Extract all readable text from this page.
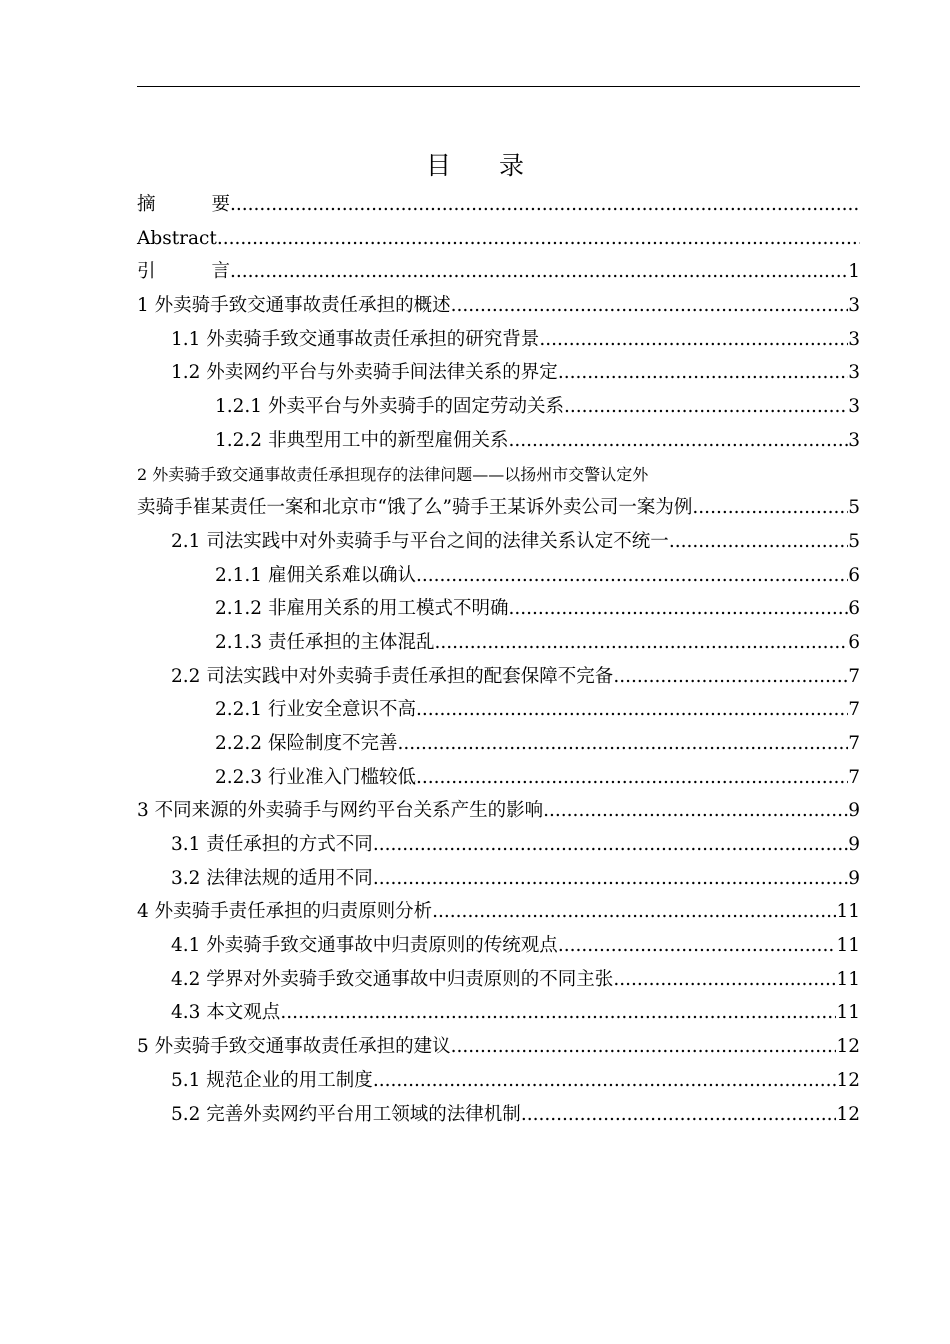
目 录
摘	要
.....
Abstract
.....
引	言 .....	1
1 外卖骑手致交通事故责任承担的概述 .....	3
1.1 外卖骑手致交通事故责任承担的研究背景 .....	3
1.2 外卖网约平台与外卖骑手间法律关系的界定 .....	3
1.2.1 外卖平台与外卖骑手的固定劳动关系 .....	3
1.2.2 非典型用工中的新型雇佣关系 .....	3
2 外卖骑手致交通事故责任承担现存的法律问题——以扬州市交警认定外
卖骑手崔某责任一案和北京市“饿了么”骑手王某诉外卖公司一案为例 .....	5
2.1 司法实践中对外卖骑手与平台之间的法律关系认定不统一 .....	5
2.1.1 雇佣关系难以确认 .....	6
2.1.2 非雇用关系的用工模式不明确 .....	6
2.1.3 责任承担的主体混乱 .....	6
2.2 司法实践中对外卖骑手责任承担的配套保障不完备 .....	7
2.2.1 行业安全意识不高 .....	7
2.2.2 保险制度不完善 .....	7
2.2.3 行业准入门槛较低 .....	7
3 不同来源的外卖骑手与网约平台关系产生的影响 .....	9
3.1 责任承担的方式不同 .....	9
3.2 法律法规的适用不同 .....	9
4 外卖骑手责任承担的归责原则分析 .....	11
4.1 外卖骑手致交通事故中归责原则的传统观点 .....	11
4.2 学界对外卖骑手致交通事故中归责原则的不同主张 .....	11
4.3 本文观点 .....	11
5 外卖骑手致交通事故责任承担的建议 .....	12
5.1 规范企业的用工制度 .....	12
5.2 完善外卖网约平台用工领域的法律机制 .....	12
